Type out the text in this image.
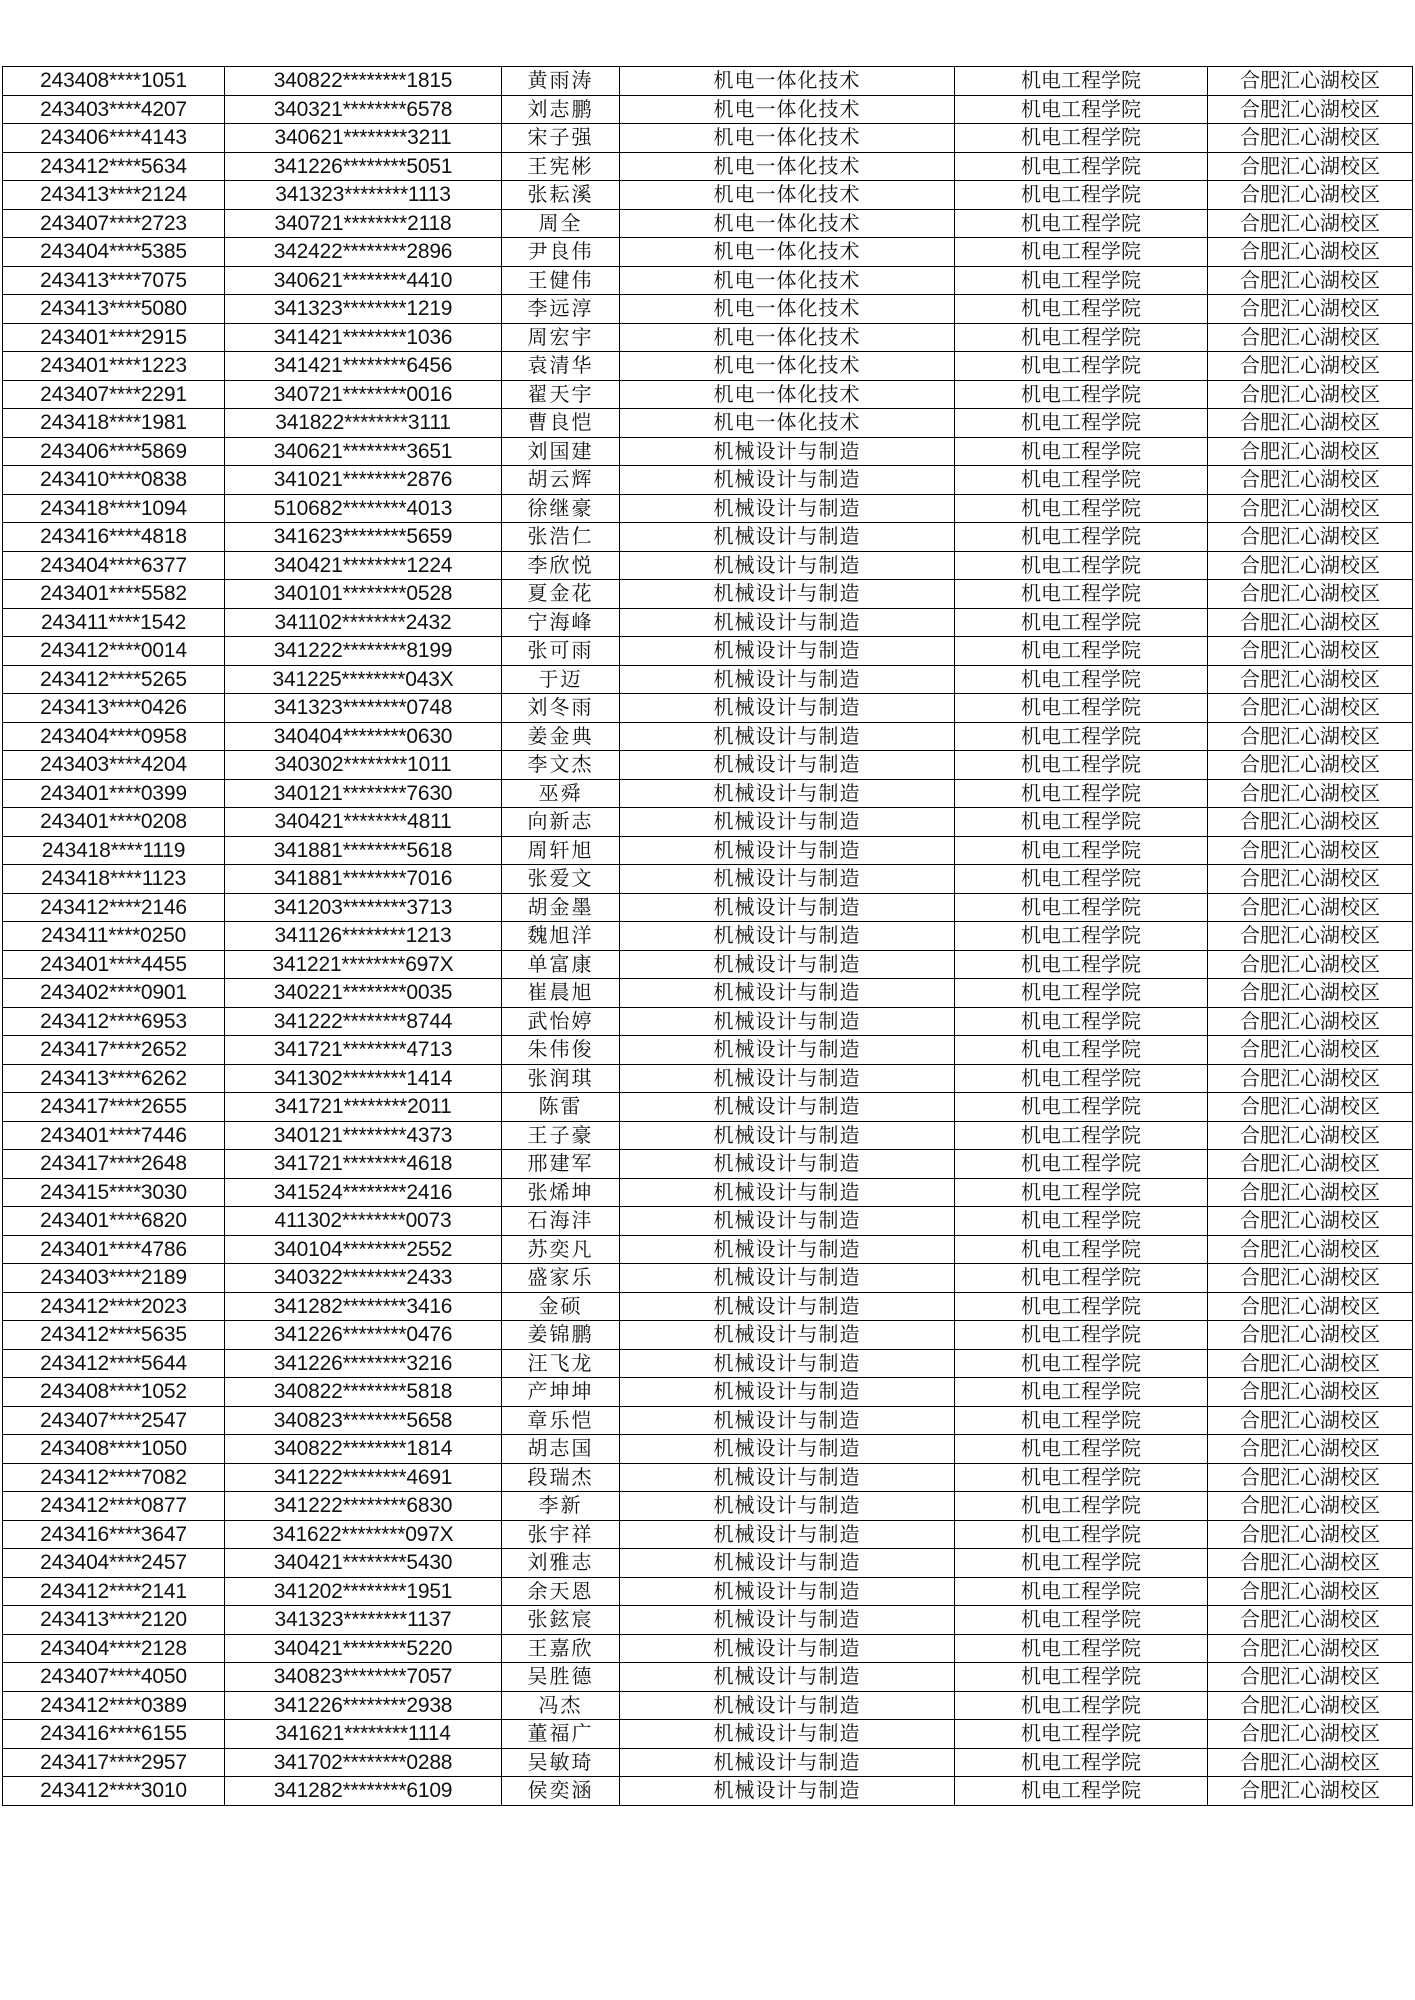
243408****1051	340822********1815	黄雨涛	机电一体化技术	机电工程学院	合肥汇心湖校区
243403****4207	340321********6578	刘志鹏	机电一体化技术	机电工程学院	合肥汇心湖校区
243406****4143	340621********3211	宋子强	机电一体化技术	机电工程学院	合肥汇心湖校区
243412****5634	341226********5051	王宪彬	机电一体化技术	机电工程学院	合肥汇心湖校区
243413****2124	341323********1113	张耘溪	机电一体化技术	机电工程学院	合肥汇心湖校区
243407****2723	340721********2118	周全	机电一体化技术	机电工程学院	合肥汇心湖校区
243404****5385	342422********2896	尹良伟	机电一体化技术	机电工程学院	合肥汇心湖校区
243413****7075	340621********4410	王健伟	机电一体化技术	机电工程学院	合肥汇心湖校区
243413****5080	341323********1219	李远淳	机电一体化技术	机电工程学院	合肥汇心湖校区
243401****2915	341421********1036	周宏宇	机电一体化技术	机电工程学院	合肥汇心湖校区
243401****1223	341421********6456	袁清华	机电一体化技术	机电工程学院	合肥汇心湖校区
243407****2291	340721********0016	翟天宇	机电一体化技术	机电工程学院	合肥汇心湖校区
243418****1981	341822********3111	曹良恺	机电一体化技术	机电工程学院	合肥汇心湖校区
243406****5869	340621********3651	刘国建	机械设计与制造	机电工程学院	合肥汇心湖校区
243410****0838	341021********2876	胡云辉	机械设计与制造	机电工程学院	合肥汇心湖校区
243418****1094	510682********4013	徐继豪	机械设计与制造	机电工程学院	合肥汇心湖校区
243416****4818	341623********5659	张浩仁	机械设计与制造	机电工程学院	合肥汇心湖校区
243404****6377	340421********1224	李欣悦	机械设计与制造	机电工程学院	合肥汇心湖校区
243401****5582	340101********0528	夏金花	机械设计与制造	机电工程学院	合肥汇心湖校区
243411****1542	341102********2432	宁海峰	机械设计与制造	机电工程学院	合肥汇心湖校区
243412****0014	341222********8199	张可雨	机械设计与制造	机电工程学院	合肥汇心湖校区
243412****5265	341225********043X	于迈	机械设计与制造	机电工程学院	合肥汇心湖校区
243413****0426	341323********0748	刘冬雨	机械设计与制造	机电工程学院	合肥汇心湖校区
243404****0958	340404********0630	姜金典	机械设计与制造	机电工程学院	合肥汇心湖校区
243403****4204	340302********1011	李文杰	机械设计与制造	机电工程学院	合肥汇心湖校区
243401****0399	340121********7630	巫舜	机械设计与制造	机电工程学院	合肥汇心湖校区
243401****0208	340421********4811	向新志	机械设计与制造	机电工程学院	合肥汇心湖校区
243418****1119	341881********5618	周轩旭	机械设计与制造	机电工程学院	合肥汇心湖校区
243418****1123	341881********7016	张爱文	机械设计与制造	机电工程学院	合肥汇心湖校区
243412****2146	341203********3713	胡金墨	机械设计与制造	机电工程学院	合肥汇心湖校区
243411****0250	341126********1213	魏旭洋	机械设计与制造	机电工程学院	合肥汇心湖校区
243401****4455	341221********697X	单富康	机械设计与制造	机电工程学院	合肥汇心湖校区
243402****0901	340221********0035	崔晨旭	机械设计与制造	机电工程学院	合肥汇心湖校区
243412****6953	341222********8744	武怡婷	机械设计与制造	机电工程学院	合肥汇心湖校区
243417****2652	341721********4713	朱伟俊	机械设计与制造	机电工程学院	合肥汇心湖校区
243413****6262	341302********1414	张润琪	机械设计与制造	机电工程学院	合肥汇心湖校区
243417****2655	341721********2011	陈雷	机械设计与制造	机电工程学院	合肥汇心湖校区
243401****7446	340121********4373	王子豪	机械设计与制造	机电工程学院	合肥汇心湖校区
243417****2648	341721********4618	邢建军	机械设计与制造	机电工程学院	合肥汇心湖校区
243415****3030	341524********2416	张烯坤	机械设计与制造	机电工程学院	合肥汇心湖校区
243401****6820	411302********0073	石海沣	机械设计与制造	机电工程学院	合肥汇心湖校区
243401****4786	340104********2552	苏奕凡	机械设计与制造	机电工程学院	合肥汇心湖校区
243403****2189	340322********2433	盛家乐	机械设计与制造	机电工程学院	合肥汇心湖校区
243412****2023	341282********3416	金硕	机械设计与制造	机电工程学院	合肥汇心湖校区
243412****5635	341226********0476	姜锦鹏	机械设计与制造	机电工程学院	合肥汇心湖校区
243412****5644	341226********3216	汪飞龙	机械设计与制造	机电工程学院	合肥汇心湖校区
243408****1052	340822********5818	产坤坤	机械设计与制造	机电工程学院	合肥汇心湖校区
243407****2547	340823********5658	章乐恺	机械设计与制造	机电工程学院	合肥汇心湖校区
243408****1050	340822********1814	胡志国	机械设计与制造	机电工程学院	合肥汇心湖校区
243412****7082	341222********4691	段瑞杰	机械设计与制造	机电工程学院	合肥汇心湖校区
243412****0877	341222********6830	李新	机械设计与制造	机电工程学院	合肥汇心湖校区
243416****3647	341622********097X	张宇祥	机械设计与制造	机电工程学院	合肥汇心湖校区
243404****2457	340421********5430	刘雅志	机械设计与制造	机电工程学院	合肥汇心湖校区
243412****2141	341202********1951	余天恩	机械设计与制造	机电工程学院	合肥汇心湖校区
243413****2120	341323********1137	张鉉宸	机械设计与制造	机电工程学院	合肥汇心湖校区
243404****2128	340421********5220	王嘉欣	机械设计与制造	机电工程学院	合肥汇心湖校区
243407****4050	340823********7057	吴胜德	机械设计与制造	机电工程学院	合肥汇心湖校区
243412****0389	341226********2938	冯杰	机械设计与制造	机电工程学院	合肥汇心湖校区
243416****6155	341621********1114	董福广	机械设计与制造	机电工程学院	合肥汇心湖校区
243417****2957	341702********0288	吴敏琦	机械设计与制造	机电工程学院	合肥汇心湖校区
243412****3010	341282********6109	侯奕涵	机械设计与制造	机电工程学院	合肥汇心湖校区
